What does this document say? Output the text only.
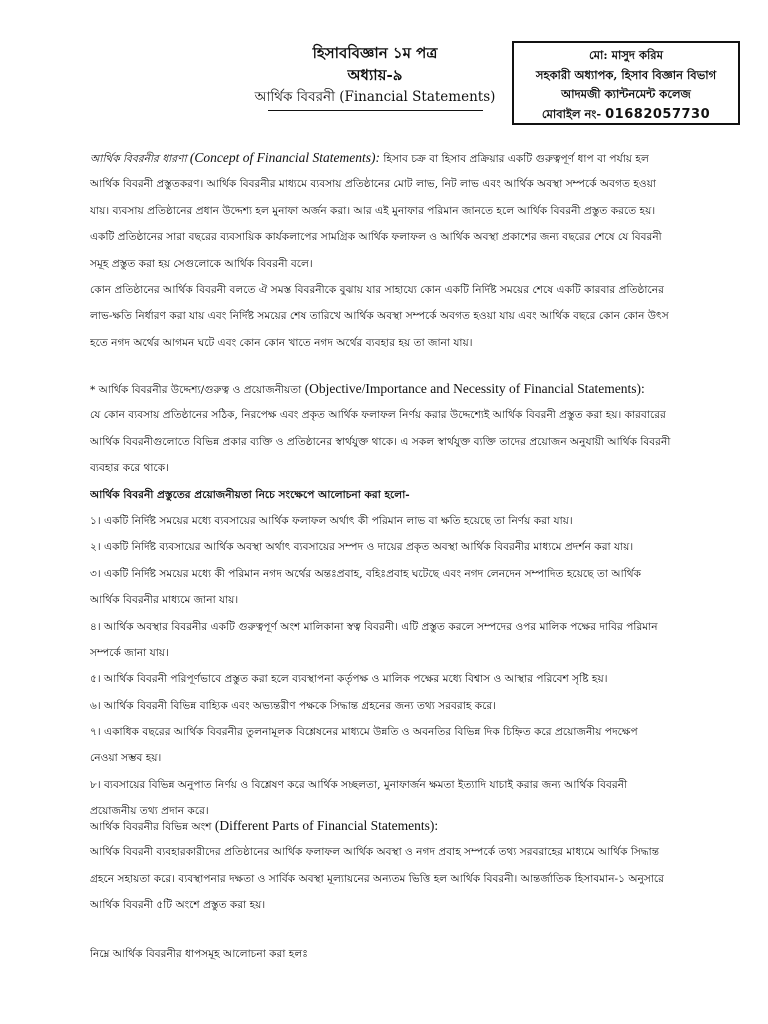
হিসাববিজ্ঞান ১ম পত্র
অধ্যায়-৯
আর্থিক বিবরনী (Financial Statements)
মো: মাসুদ করিম
সহকারী অধ্যাপক, হিসাব বিজ্ঞান বিভাগ
আদমজী ক্যান্টনমেন্ট কলেজ
মোবাইল নং- 01682057730
আর্থিক বিবরনীর ধারণা (Concept of Financial Statements): হিসাব চক্র বা হিসাব প্রক্রিয়ার একটি গুরুত্বপূর্ণ ধাপ বা পর্যায় হল
আর্থিক বিবরনী প্রস্তুতকরণ। আর্থিক বিবরনীর মাধ্যমে ব্যবসায় প্রতিষ্ঠানের মোট লাভ, নিট লাভ এবং আর্থিক অবস্থা সম্পর্কে অবগত হওয়া
যায়। ব্যবসায় প্রতিষ্ঠানের প্রধান উদ্দেশ্য হল মুনাফা অর্জন করা। আর এই মুনাফার পরিমান জানতে হলে আর্থিক বিবরনী প্রস্তুত করতে হয়।
একটি প্রতিষ্ঠানের সারা বছরের ব্যবসায়িক কার্যকলাপের সামগ্রিক আর্থিক ফলাফল ও আর্থিক অবস্থা প্রকাশের জন্য বছরের শেষে যে বিবরনী
সমূহ প্রস্তুত করা হয় সেগুলোকে আর্থিক বিবরনী বলে।
কোন প্রতিষ্ঠানের আর্থিক বিবরনী বলতে ঐ সমস্ত বিবরনীকে বুঝায় যার সাহায্যে কোন একটি নির্দিষ্ট সময়ের শেষে একটি কারবার প্রতিষ্ঠানের
লাভ-ক্ষতি নির্ধারণ করা যায় এবং নির্দিষ্ট সময়ের শেষ তারিখে আর্থিক অবস্থা সম্পর্কে অবগত হওয়া যায় এবং আর্থিক বছরে কোন কোন উৎস
হতে নগদ অর্থের আগমন ঘটে এবং কোন কোন খাতে নগদ অর্থের ব্যবহার হয় তা জানা যায়।
* আর্থিক বিবরনীর উদ্দেশ্য/গুরুত্ব ও প্রয়োজনীয়তা (Objective/Importance and Necessity of Financial Statements):
যে কোন ব্যবসায় প্রতিষ্ঠানের সঠিক, নিরপেক্ষ এবং প্রকৃত আর্থিক ফলাফল নির্ণয় করার উদ্দেশ্যেই আর্থিক বিবরনী প্রস্তুত করা হয়। কারবারের
আর্থিক বিবরনীগুলোতে বিভিন্ন প্রকার ব্যক্তি ও প্রতিষ্ঠানের স্বার্থযুক্ত থাকে। এ সকল স্বার্থযুক্ত ব্যক্তি তাদের প্রয়োজন অনুযায়ী আর্থিক বিবরনী
ব্যবহার করে থাকে।
আর্থিক বিবরনী প্রস্তুতের প্রয়োজনীয়তা নিচে সংক্ষেপে আলোচনা করা হলো-
১। একটি নির্দিষ্ট সময়ের মধ্যে ব্যবসায়ের আর্থিক ফলাফল অর্থাৎ কী পরিমান লাভ বা ক্ষতি হয়েছে তা নির্ণয় করা যায়।
২। একটি নির্দিষ্ট ব্যবসায়ের আর্থিক অবস্থা অর্থাৎ ব্যবসায়ের সম্পদ ও দায়ের প্রকৃত অবস্থা আর্থিক বিবরনীর মাধ্যমে প্রদর্শন করা যায়।
৩। একটি নির্দিষ্ট সময়ের মধ্যে কী পরিমান নগদ অর্থের অন্তঃপ্রবাহ, বহিঃপ্রবাহ ঘটেছে এবং নগদ লেনদেন সম্পাদিত হয়েছে তা আর্থিক
আর্থিক বিবরনীর মাধ্যমে জানা যায়।
৪। আর্থিক অবস্থার বিবরনীর একটি গুরুত্বপূর্ণ অংশ মালিকানা স্বত্ব বিবরনী। এটি প্রস্তুত করলে সম্পদের ওপর মালিক পক্ষের দাবির পরিমান
সম্পর্কে জানা যায়।
৫। আর্থিক বিবরনী পরিপূর্ণভাবে প্রস্তুত করা হলে ব্যবস্থাপনা কর্তৃপক্ষ ও মালিক পক্ষের মধ্যে বিশ্বাস ও আস্থার পরিবেশ সৃষ্টি হয়।
৬। আর্থিক বিবরনী বিভিন্ন বাহ্যিক এবং অভ্যন্তরীণ পক্ষকে সিদ্ধান্ত গ্রহনের জন্য তথ্য সরবরাহ করে।
৭। একাধিক বছরের আর্থিক বিবরনীর তুলনামূলক বিশ্লেষনের মাধ্যমে উন্নতি ও অবনতির বিভিন্ন দিক চিহ্নিত করে প্রয়োজনীয় পদক্ষেপ
নেওয়া সম্ভব হয়।
৮। ব্যবসায়ের বিভিন্ন অনুপাত নির্ণয় ও বিশ্লেষণ করে আর্থিক সচ্ছলতা, মুনাফার্জন ক্ষমতা ইত্যাদি যাচাই করার জন্য আর্থিক বিবরনী
প্রয়োজনীয় তথ্য প্রদান করে।
আর্থিক বিবরনীর বিভিন্ন অংশ (Different Parts of Financial Statements):
আর্থিক বিবরনী ব্যবহারকারীদের প্রতিষ্ঠানের আর্থিক ফলাফল আর্থিক অবস্থা ও নগদ প্রবাহ সম্পর্কে তথ্য সরবরাহের মাধ্যমে আর্থিক সিদ্ধান্ত
গ্রহনে সহায়তা করে। ব্যবস্থাপনার দক্ষতা ও সার্বিক অবস্থা মূল্যায়নের অন্যতম ভিত্তি হল আর্থিক বিবরনী। আন্তর্জাতিক হিসাবমান-১ অনুসারে
আর্থিক বিবরনী ৫টি অংশে প্রস্তুত করা হয়।
নিম্নে আর্থিক বিবরনীর ধাপসমূহ আলোচনা করা হলঃ
